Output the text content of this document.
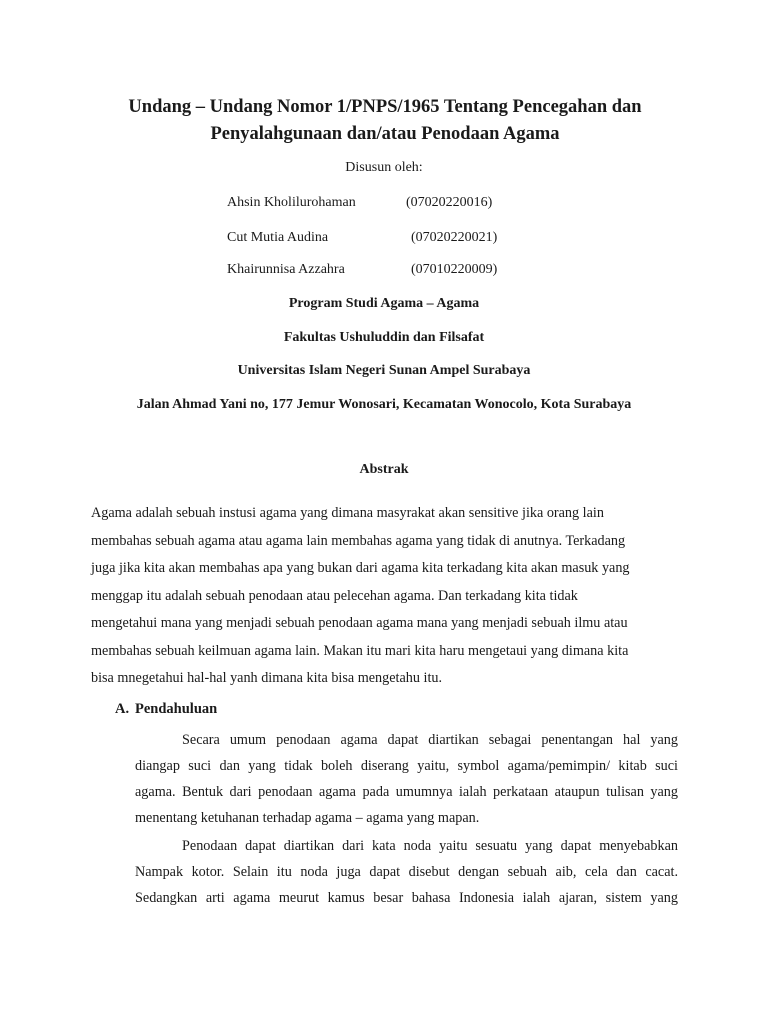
Undang – Undang Nomor 1/PNPS/1965 Tentang Pencegahan dan
Penyalahgunaan dan/atau Penodaan Agama
Disusun oleh:
Ahsin Kholilurohaman	(07020220016)
Cut Mutia Audina	(07020220021)
Khairunnisa Azzahra	(07010220009)
Program Studi Agama – Agama
Fakultas Ushuluddin dan Filsafat
Universitas Islam Negeri Sunan Ampel Surabaya
Jalan Ahmad Yani no, 177 Jemur Wonosari, Kecamatan Wonocolo, Kota Surabaya
Abstrak
Agama adalah sebuah instusi agama yang dimana masyrakat akan sensitive jika orang lain
membahas sebuah agama atau agama lain membahas agama yang tidak di anutnya. Terkadang
juga jika kita akan membahas apa yang bukan dari agama kita terkadang kita akan masuk yang
menggap itu adalah sebuah penodaan atau pelecehan agama. Dan terkadang kita tidak
mengetahui mana yang menjadi sebuah penodaan agama mana yang menjadi sebuah ilmu atau
membahas sebuah keilmuan agama lain. Makan itu mari kita haru mengetaui yang dimana kita
bisa mnegetahui hal-hal yanh dimana kita bisa mengetahu itu.
A. Pendahuluan
Secara umum penodaan agama dapat diartikan sebagai penentangan hal yang
diangap suci dan yang tidak boleh diserang yaitu, symbol agama/pemimpin/ kitab suci
agama. Bentuk dari penodaan agama pada umumnya ialah perkataan ataupun tulisan yang
menentang ketuhanan terhadap agama – agama yang mapan.
Penodaan dapat diartikan dari kata noda yaitu sesuatu yang dapat menyebabkan
Nampak kotor. Selain itu noda juga dapat disebut dengan sebuah aib, cela dan cacat.
Sedangkan arti agama meurut kamus besar bahasa Indonesia ialah ajaran, sistem yang
